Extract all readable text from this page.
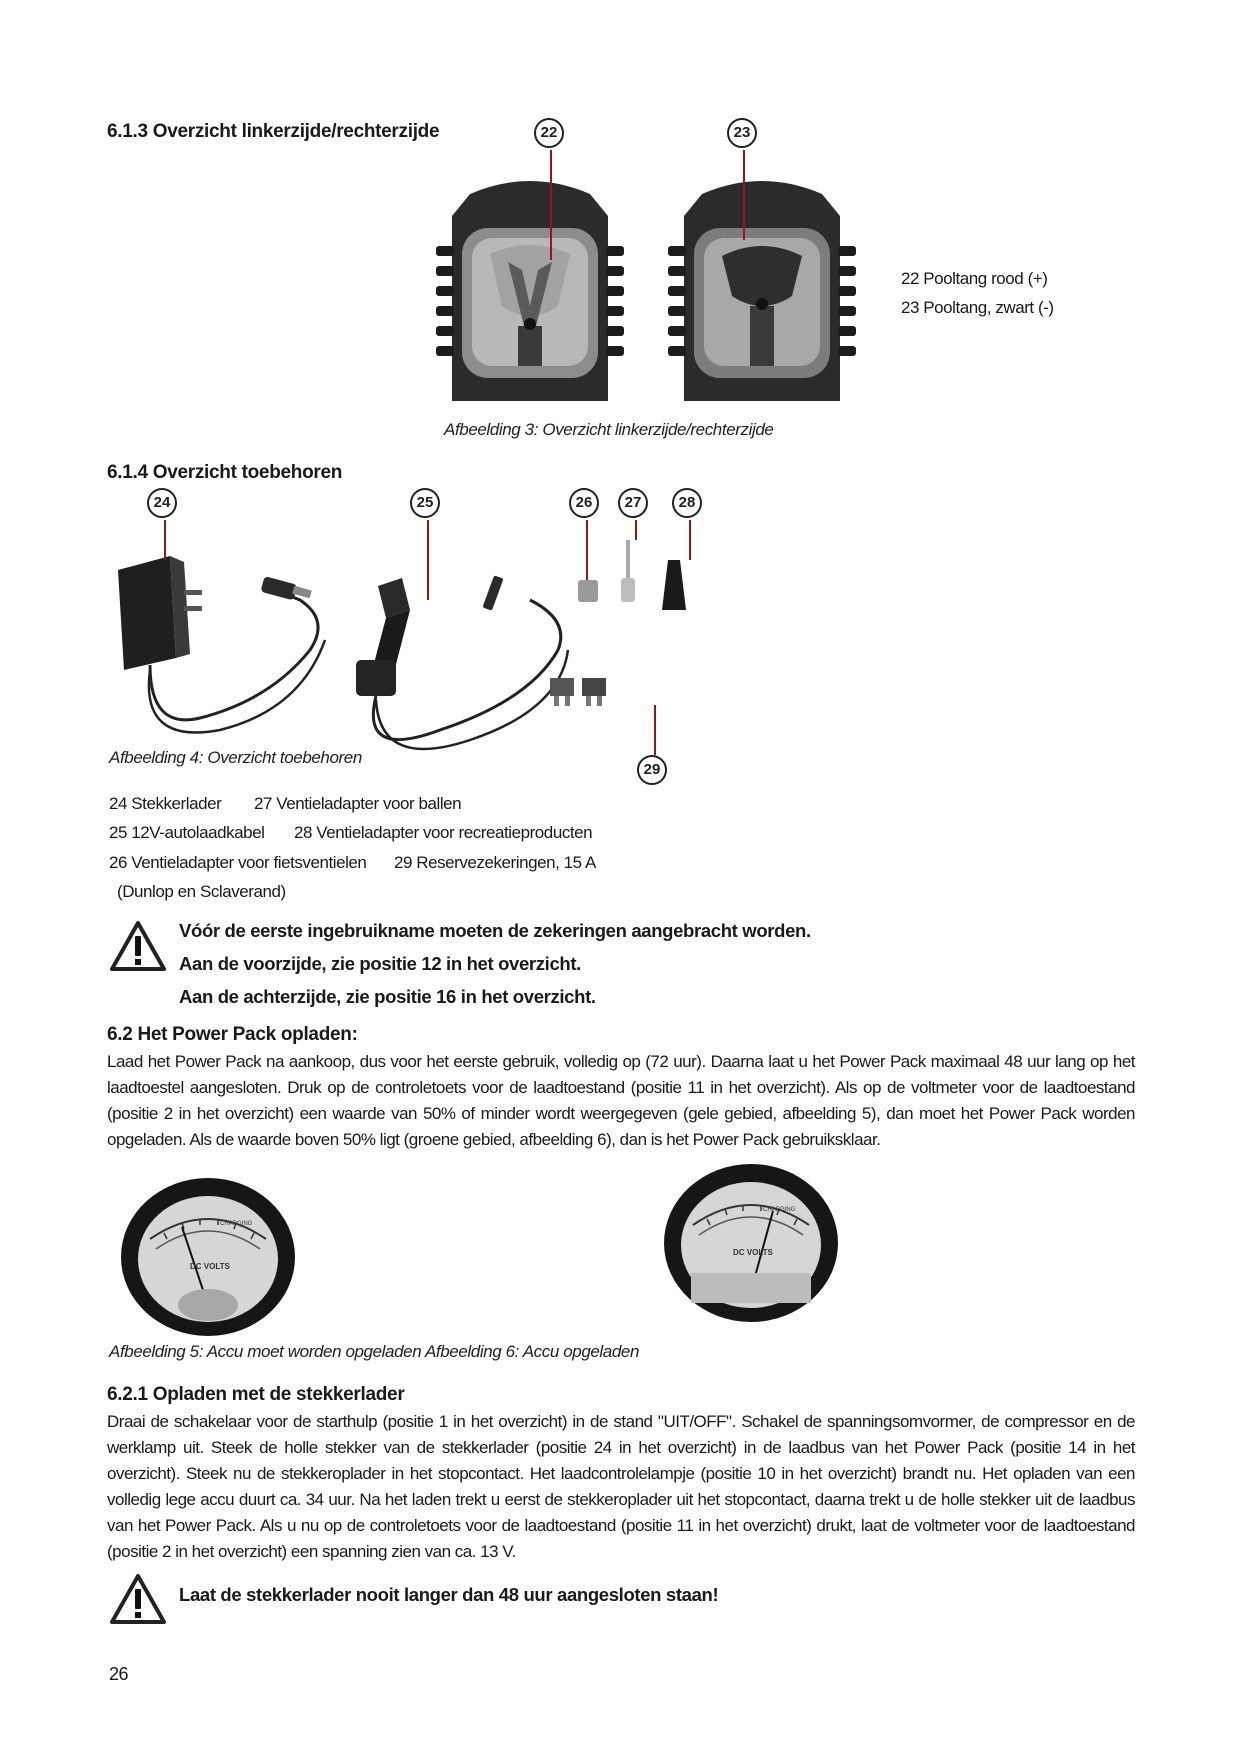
6.1.3 Overzicht linkerzijde/rechterzijde	22	23
22 Pooltang rood (+)
23 Pooltang, zwart (-)
Afbeelding 3: Overzicht linkerzijde/rechterzijde
6.1.4 Overzicht toebehoren
24	25	26	27	28
29
Afbeelding 4: Overzicht toebehoren
24 Stekkerlader 27 Ventieladapter voor ballen
25 12V-autolaadkabel 28 Ventieladapter voor recreatieproducten
26 Ventieladapter voor fietsventielen 29 Reservezekeringen, 15 A
(Dunlop en Sclaverand)
Vóór de eerste ingebruikname moeten de zekeringen aangebracht worden.
Aan de voorzijde, zie positie 12 in het overzicht.
Aan de achterzijde, zie positie 16 in het overzicht.
6.2 Het Power Pack opladen:
Laad het Power Pack na aankoop, dus voor het eerste gebruik, volledig op (72 uur). Daarna laat u het Power Pack maximaal 48 uur lang op het laadtoestel aangesloten. Druk op de controletoets voor de laadtoestand (positie 11 in het overzicht). Als op de voltmeter voor de laadtoestand (positie 2 in het overzicht) een waarde van 50% of minder wordt weergegeven (gele gebied, afbeelding 5), dan moet het Power Pack worden opgeladen. Als de waarde boven 50% ligt (groene gebied, afbeelding 6), dan is het Power Pack gebruiksklaar.
CHARGING
DC VOLTS
CHARGING
DC VOLTS
Afbeelding 5: Accu moet worden opgeladen Afbeelding 6: Accu opgeladen
6.2.1 Opladen met de stekkerlader
Draai de schakelaar voor de starthulp (positie 1 in het overzicht) in de stand "UIT/OFF". Schakel de spanningsomvormer, de compressor en de werklamp uit. Steek de holle stekker van de stekkerlader (positie 24 in het overzicht) in de laadbus van het Power Pack (positie 14 in het overzicht). Steek nu de stekkeroplader in het stopcontact. Het laadcontrolelampje (positie 10 in het overzicht) brandt nu. Het opladen van een volledig lege accu duurt ca. 34 uur. Na het laden trekt u eerst de stekkeroplader uit het stopcontact, daarna trekt u de holle stekker uit de laadbus van het Power Pack. Als u nu op de controletoets voor de laadtoestand (positie 11 in het overzicht) drukt, laat de voltmeter voor de laadtoestand (positie 2 in het overzicht) een spanning zien van ca. 13 V.
Laat de stekkerlader nooit langer dan 48 uur aangesloten staan!
26
